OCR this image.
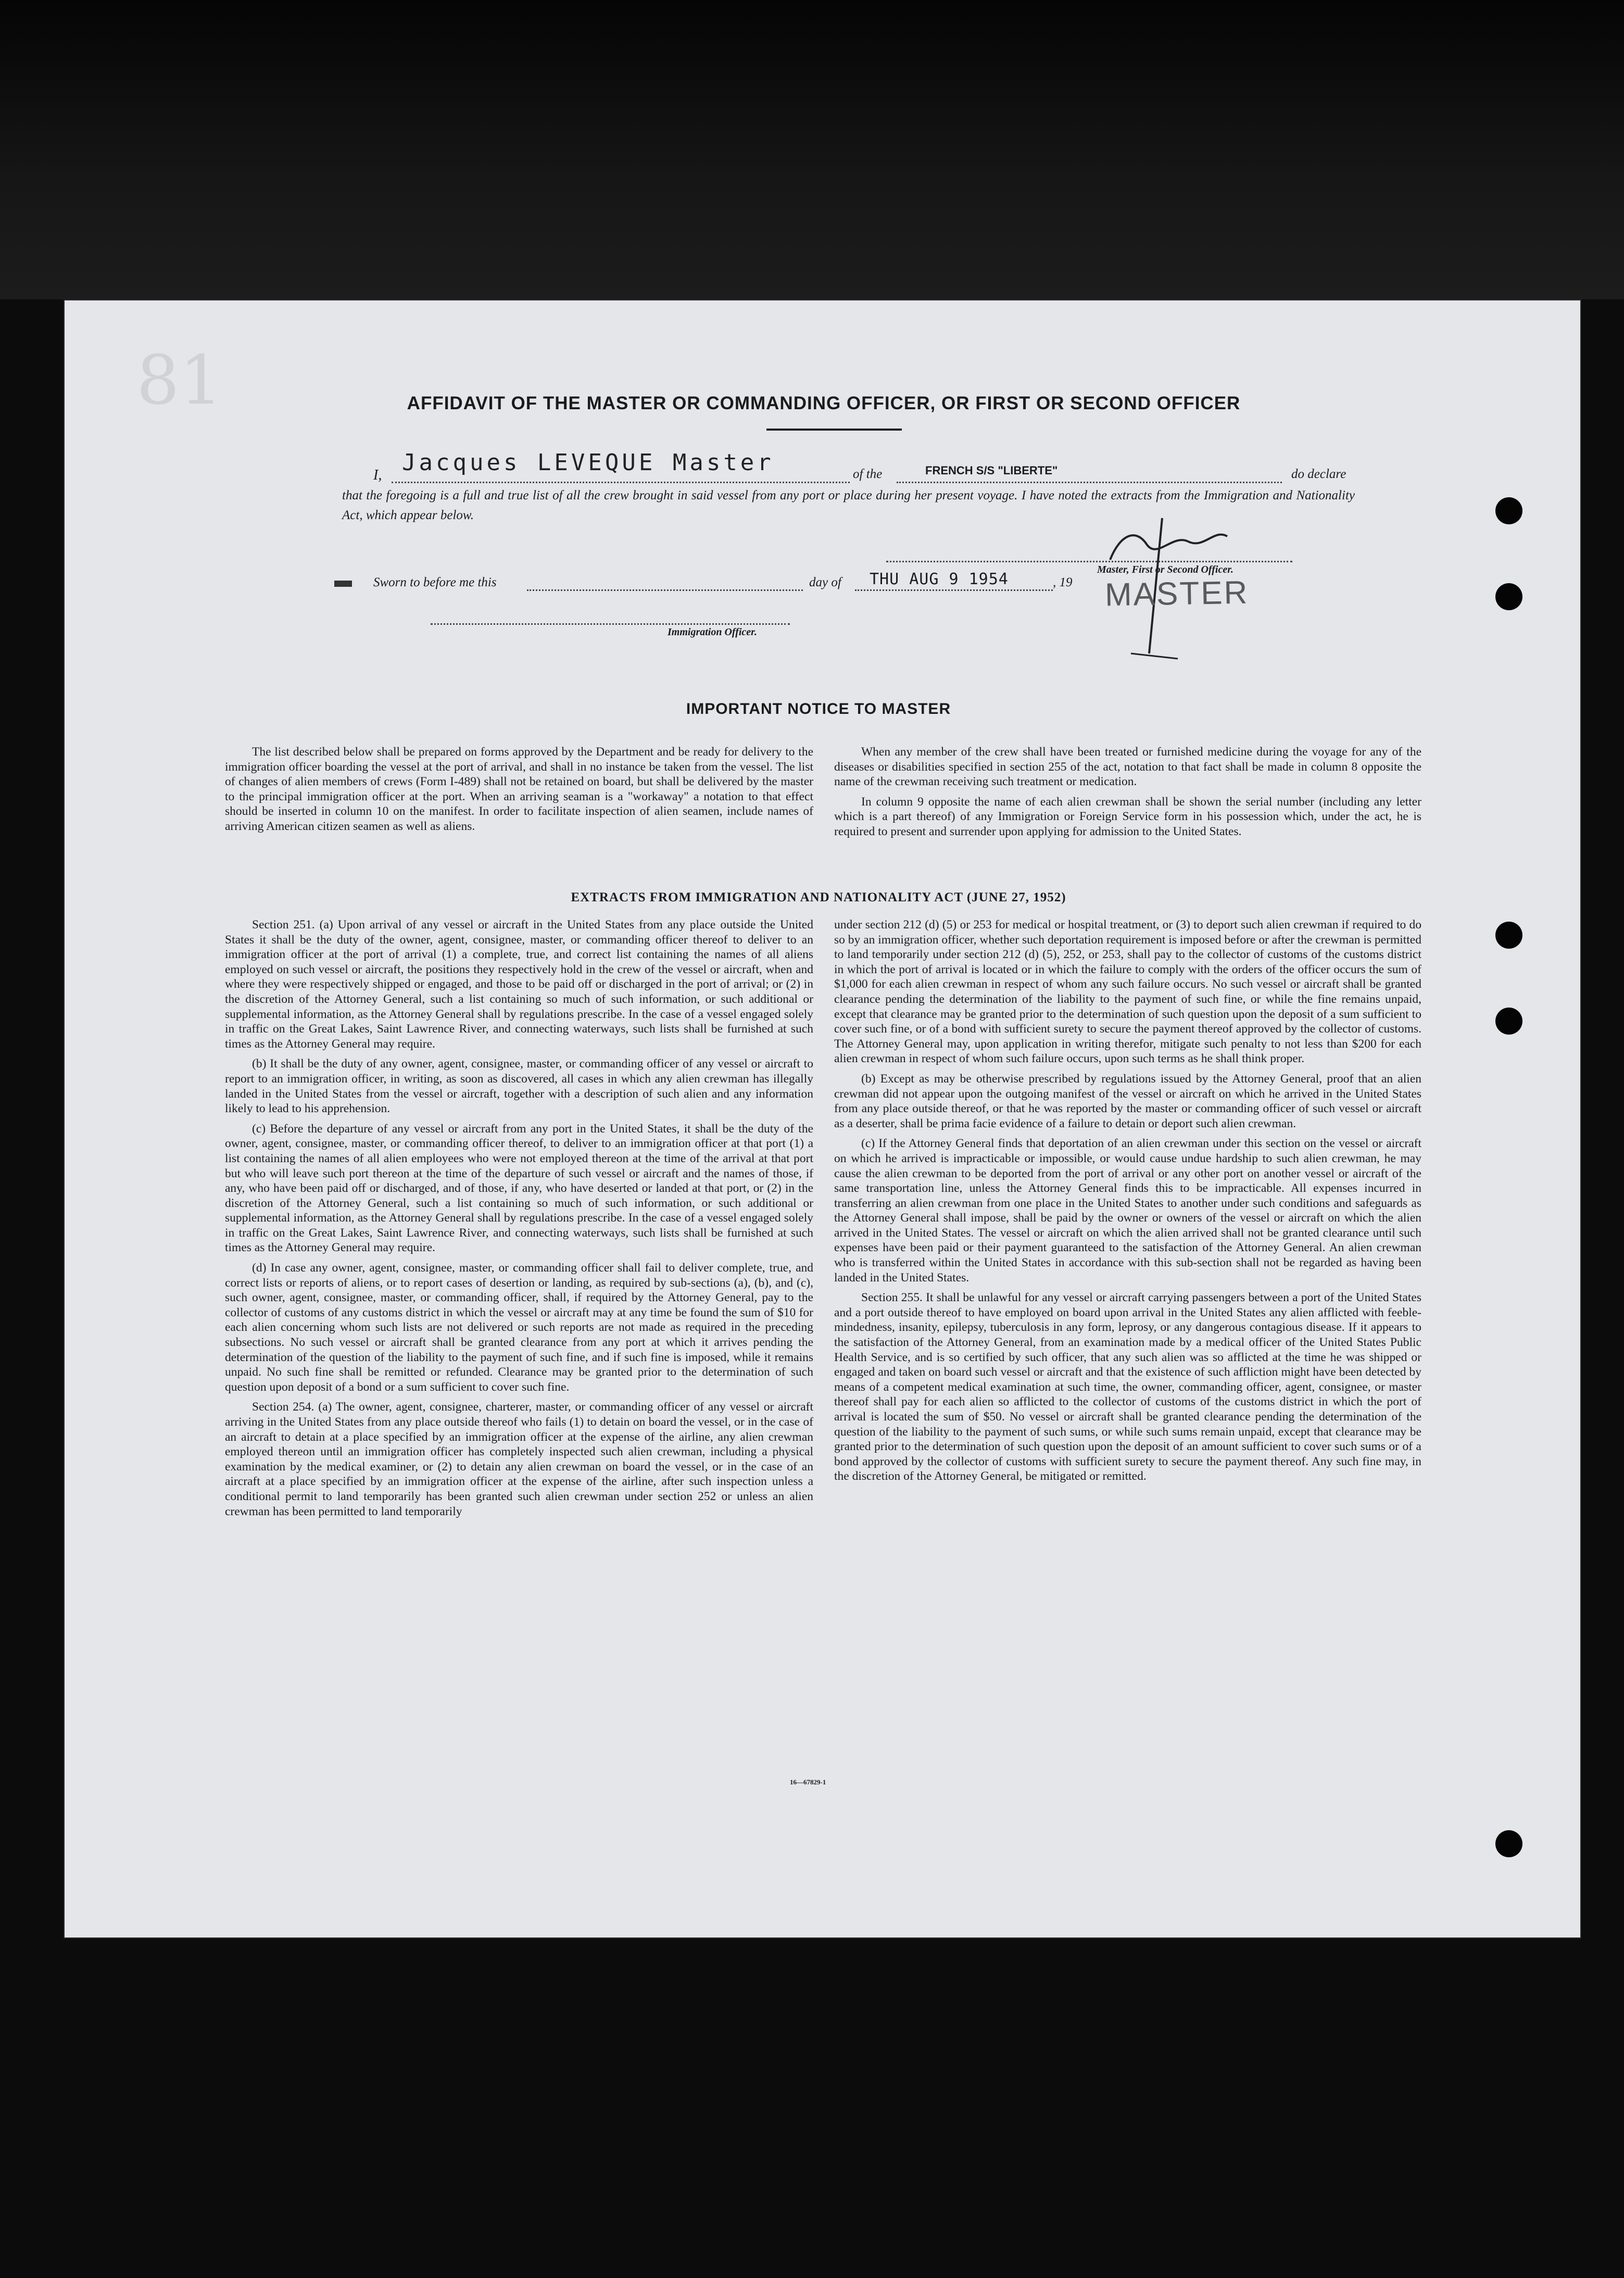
81	AFFIDAVIT OF THE MASTER OR COMMANDING OFFICER, OR FIRST OR SECOND OFFICER
I, Jacques LEVEQUE Master	of the	FRENCH S/S "LIBERTE"	do declare
that the foregoing is a full and true list of all the crew brought in said vessel from any port or place during her present voyage. I have noted the extracts from the Immigration and Nationality Act, which appear below.
Master, First or Second Officer.
MASTER
Sworn to before me this	day of THU AUG 9 1954	, 19
Immigration Officer.
IMPORTANT NOTICE TO MASTER

The list described below shall be prepared on forms approved by the Department and be ready for delivery to the immigration officer boarding the vessel at the port of arrival, and shall in no instance be taken from the vessel. The list of changes of alien members of crews (Form I-489) shall not be retained on board, but shall be delivered by the master to the principal immigration officer at the port. When an arriving seaman is a "workaway" a notation to that effect should be inserted in column 10 on the manifest. In order to facilitate inspection of alien seamen, include names of arriving American citizen seamen as well as aliens.

When any member of the crew shall have been treated or furnished medicine during the voyage for any of the diseases or disabilities specified in section 255 of the act, notation to that fact shall be made in column 8 opposite the name of the crewman receiving such treatment or medication.

In column 9 opposite the name of each alien crewman shall be shown the serial number (including any letter which is a part thereof) of any Immigration or Foreign Service form in his possession which, under the act, he is required to present and surrender upon applying for admission to the United States.

EXTRACTS FROM IMMIGRATION AND NATIONALITY ACT (JUNE 27, 1952)

Section 251. (a) Upon arrival of any vessel or aircraft in the United States from any place outside the United States it shall be the duty of the owner, agent, consignee, master, or commanding officer thereof to deliver to an immigration officer at the port of arrival (1) a complete, true, and correct list containing the names of all aliens employed on such vessel or aircraft, the positions they respectively hold in the crew of the vessel or aircraft, when and where they were respectively shipped or engaged, and those to be paid off or discharged in the port of arrival; or (2) in the discretion of the Attorney General, such a list containing so much of such information, or such additional or supplemental information, as the Attorney General shall by regulations prescribe. In the case of a vessel engaged solely in traffic on the Great Lakes, Saint Lawrence River, and connecting waterways, such lists shall be furnished at such times as the Attorney General may require.

(b) It shall be the duty of any owner, agent, consignee, master, or commanding officer of any vessel or aircraft to report to an immigration officer, in writing, as soon as discovered, all cases in which any alien crewman has illegally landed in the United States from the vessel or aircraft, together with a description of such alien and any information likely to lead to his apprehension.

(c) Before the departure of any vessel or aircraft from any port in the United States, it shall be the duty of the owner, agent, consignee, master, or commanding officer thereof, to deliver to an immigration officer at that port (1) a list containing the names of all alien employees who were not employed thereon at the time of the arrival at that port but who will leave such port thereon at the time of the departure of such vessel or aircraft and the names of those, if any, who have been paid off or discharged, and of those, if any, who have deserted or landed at that port, or (2) in the discretion of the Attorney General, such a list containing so much of such information, or such additional or supplemental information, as the Attorney General shall by regulations prescribe. In the case of a vessel engaged solely in traffic on the Great Lakes, Saint Lawrence River, and connecting waterways, such lists shall be furnished at such times as the Attorney General may require.

(d) In case any owner, agent, consignee, master, or commanding officer shall fail to deliver complete, true, and correct lists or reports of aliens, or to report cases of desertion or landing, as required by sub-sections (a), (b), and (c), such owner, agent, consignee, master, or commanding officer, shall, if required by the Attorney General, pay to the collector of customs of any customs district in which the vessel or aircraft may at any time be found the sum of $10 for each alien concerning whom such lists are not delivered or such reports are not made as required in the preceding subsections. No such vessel or aircraft shall be granted clearance from any port at which it arrives pending the determination of the question of the liability to the payment of such fine, and if such fine is imposed, while it remains unpaid. No such fine shall be remitted or refunded. Clearance may be granted prior to the determination of such question upon deposit of a bond or a sum sufficient to cover such fine.

Section 254. (a) The owner, agent, consignee, charterer, master, or commanding officer of any vessel or aircraft arriving in the United States from any place outside thereof who fails (1) to detain on board the vessel, or in the case of an aircraft to detain at a place specified by an immigration officer at the expense of the airline, any alien crewman employed thereon until an immigration officer has completely inspected such alien crewman, including a physical examination by the medical examiner, or (2) to detain any alien crewman on board the vessel, or in the case of an aircraft at a place specified by an immigration officer at the expense of the airline, after such inspection unless a conditional permit to land temporarily has been granted such alien crewman under section 252 or unless an alien crewman has been permitted to land temporarily

under section 212 (d) (5) or 253 for medical or hospital treatment, or (3) to deport such alien crewman if required to do so by an immigration officer, whether such deportation requirement is imposed before or after the crewman is permitted to land temporarily under section 212 (d) (5), 252, or 253, shall pay to the collector of customs of the customs district in which the port of arrival is located or in which the failure to comply with the orders of the officer occurs the sum of $1,000 for each alien crewman in respect of whom any such failure occurs. No such vessel or aircraft shall be granted clearance pending the determination of the liability to the payment of such fine, or while the fine remains unpaid, except that clearance may be granted prior to the determination of such question upon the deposit of a sum sufficient to cover such fine, or of a bond with sufficient surety to secure the payment thereof approved by the collector of customs. The Attorney General may, upon application in writing therefor, mitigate such penalty to not less than $200 for each alien crewman in respect of whom such failure occurs, upon such terms as he shall think proper.

(b) Except as may be otherwise prescribed by regulations issued by the Attorney General, proof that an alien crewman did not appear upon the outgoing manifest of the vessel or aircraft on which he arrived in the United States from any place outside thereof, or that he was reported by the master or commanding officer of such vessel or aircraft as a deserter, shall be prima facie evidence of a failure to detain or deport such alien crewman.

(c) If the Attorney General finds that deportation of an alien crewman under this section on the vessel or aircraft on which he arrived is impracticable or impossible, or would cause undue hardship to such alien crewman, he may cause the alien crewman to be deported from the port of arrival or any other port on another vessel or aircraft of the same transportation line, unless the Attorney General finds this to be impracticable. All expenses incurred in transferring an alien crewman from one place in the United States to another under such conditions and safeguards as the Attorney General shall impose, shall be paid by the owner or owners of the vessel or aircraft on which the alien arrived in the United States. The vessel or aircraft on which the alien arrived shall not be granted clearance until such expenses have been paid or their payment guaranteed to the satisfaction of the Attorney General. An alien crewman who is transferred within the United States in accordance with this sub-section shall not be regarded as having been landed in the United States.

Section 255. It shall be unlawful for any vessel or aircraft carrying passengers between a port of the United States and a port outside thereof to have employed on board upon arrival in the United States any alien afflicted with feeble-mindedness, insanity, epilepsy, tuberculosis in any form, leprosy, or any dangerous contagious disease. If it appears to the satisfaction of the Attorney General, from an examination made by a medical officer of the United States Public Health Service, and is so certified by such officer, that any such alien was so afflicted at the time he was shipped or engaged and taken on board such vessel or aircraft and that the existence of such affliction might have been detected by means of a competent medical examination at such time, the owner, commanding officer, agent, consignee, or master thereof shall pay for each alien so afflicted to the collector of customs of the customs district in which the port of arrival is located the sum of $50. No vessel or aircraft shall be granted clearance pending the determination of the question of the liability to the payment of such sums, or while such sums remain unpaid, except that clearance may be granted prior to the determination of such question upon the deposit of an amount sufficient to cover such sums or of a bond approved by the collector of customs with sufficient surety to secure the payment thereof. Any such fine may, in the discretion of the Attorney General, be mitigated or remitted.

16—67829-1
